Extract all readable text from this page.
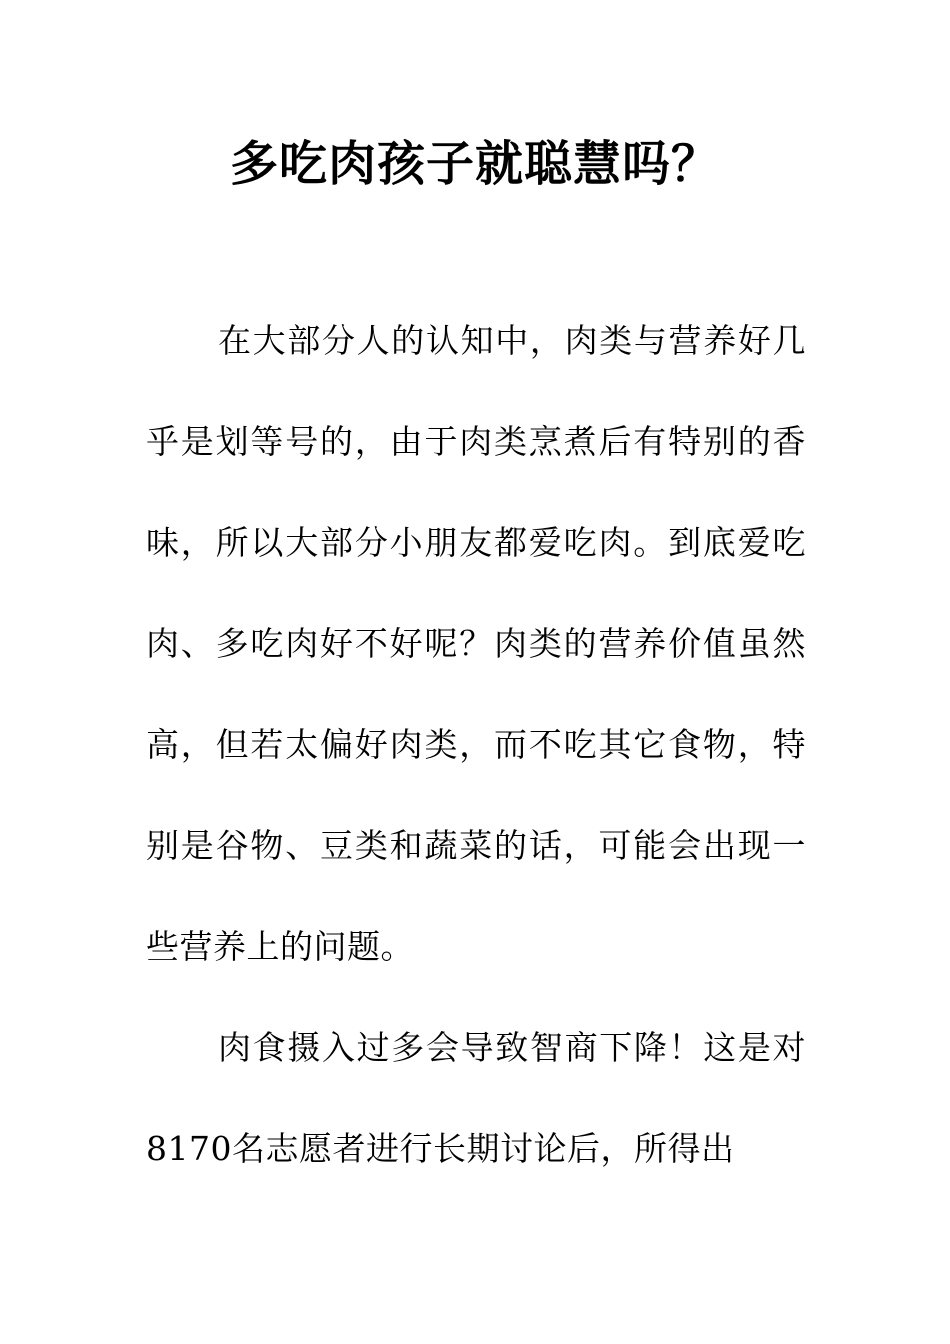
多吃肉孩子就聪慧吗？

在大部分人的认知中，肉类与营养好几乎是划等号的，由于肉类烹煮后有特别的香味，所以大部分小朋友都爱吃肉。到底爱吃肉、多吃肉好不好呢？肉类的营养价值虽然高，但若太偏好肉类，而不吃其它食物，特别是谷物、豆类和蔬菜的话，可能会出现一些营养上的问题。

肉食摄入过多会导致智商下降！这是对8170名志愿者进行长期讨论后，所得出
